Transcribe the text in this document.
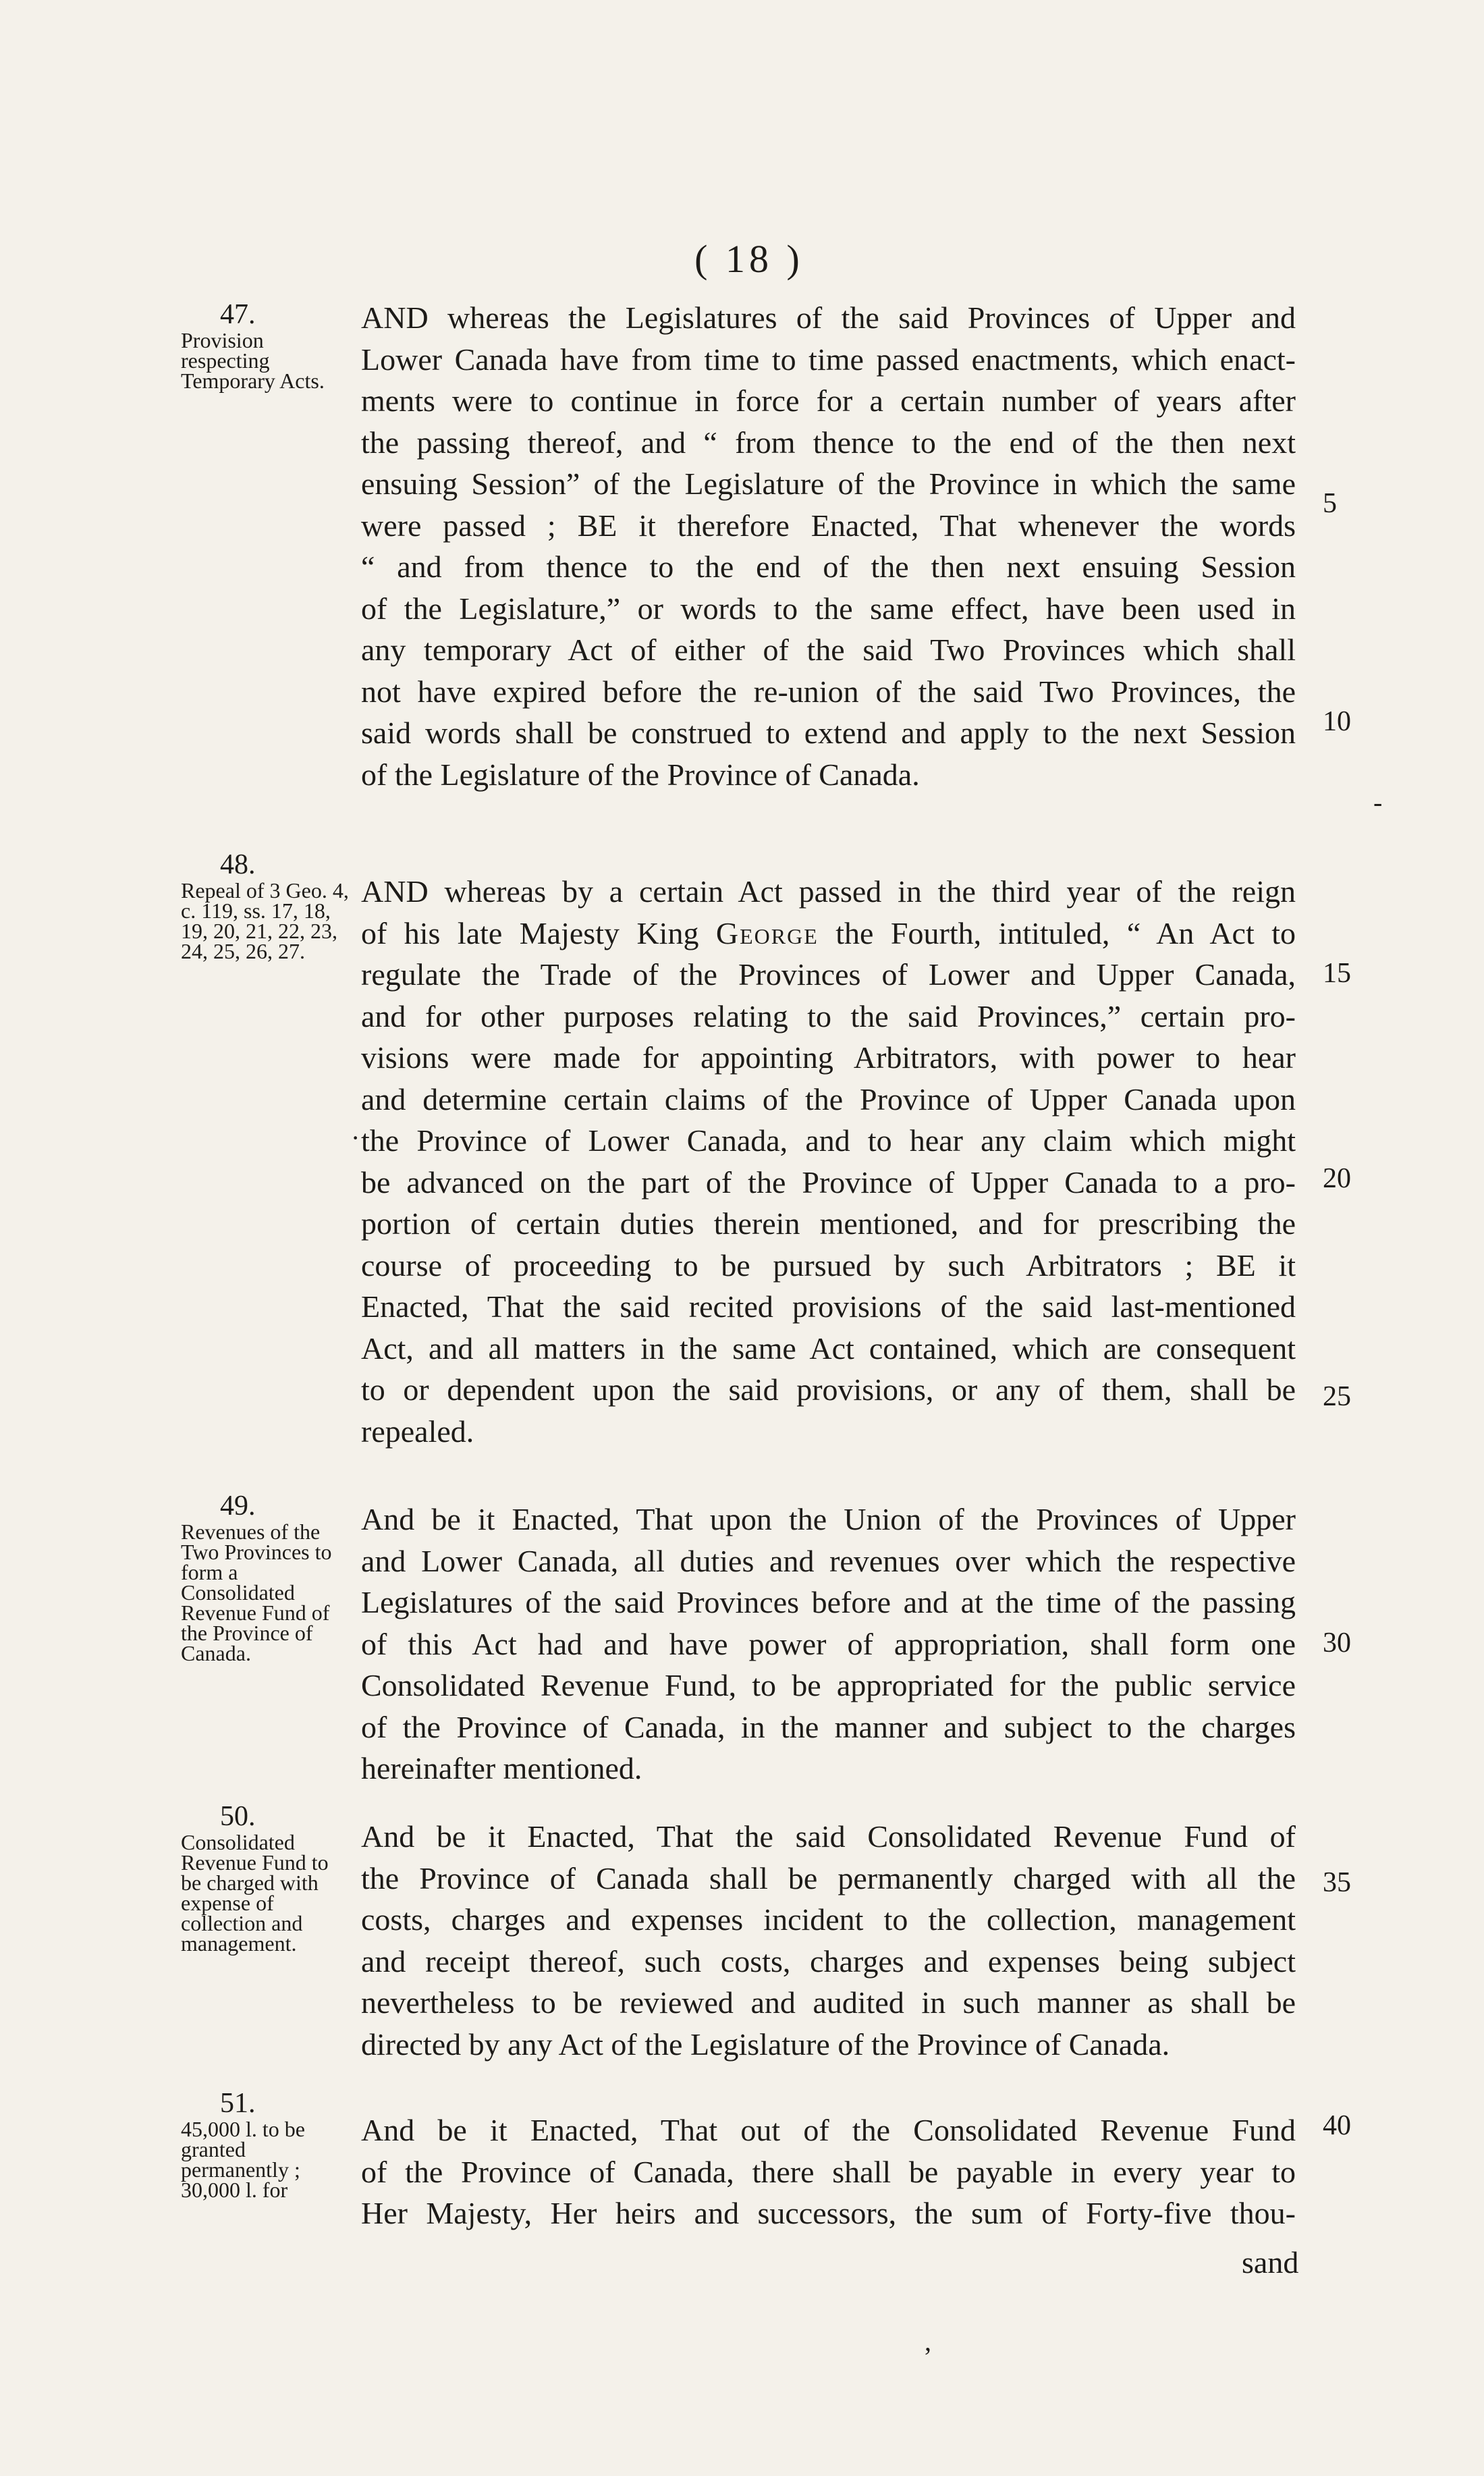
( 18 )
47.
Provision respecting Temporary Acts.
AND whereas the Legislatures of the said Provinces of Upper and
Lower Canada have from time to time passed enactments, which enact-
ments were to continue in force for a certain number of years after
the passing thereof, and “ from thence to the end of the then next
ensuing Session” of the Legislature of the Province in which the same
were passed ; BE it therefore Enacted, That whenever the words
“ and from thence to the end of the then next ensuing Session
of the Legislature,” or words to the same effect, have been used in
any temporary Act of either of the said Two Provinces which shall
not have expired before the re-union of the said Two Provinces, the
said words shall be construed to extend and apply to the next Session
of the Legislature of the Province of Canada.
48.
Repeal of 3 Geo. 4, c. 119, ss. 17, 18, 19, 20, 21, 22, 23, 24, 25, 26, 27.
AND whereas by a certain Act passed in the third year of the reign
of his late Majesty King George the Fourth, intituled, “ An Act to
regulate the Trade of the Provinces of Lower and Upper Canada,
and for other purposes relating to the said Provinces,” certain pro-
visions were made for appointing Arbitrators, with power to hear
and determine certain claims of the Province of Upper Canada upon
the Province of Lower Canada, and to hear any claim which might
be advanced on the part of the Province of Upper Canada to a pro-
portion of certain duties therein mentioned, and for prescribing the
course of proceeding to be pursued by such Arbitrators ; BE it
Enacted, That the said recited provisions of the said last-mentioned
Act, and all matters in the same Act contained, which are consequent
to or dependent upon the said provisions, or any of them, shall be
repealed.
49.
Revenues of the Two Provinces to form a Consolidated Revenue Fund of the Province of Canada.
And be it Enacted, That upon the Union of the Provinces of Upper
and Lower Canada, all duties and revenues over which the respective
Legislatures of the said Provinces before and at the time of the passing
of this Act had and have power of appropriation, shall form one
Consolidated Revenue Fund, to be appropriated for the public service
of the Province of Canada, in the manner and subject to the charges
hereinafter mentioned.
50.
Consolidated Revenue Fund to be charged with expense of collection and management.
And be it Enacted, That the said Consolidated Revenue Fund of
the Province of Canada shall be permanently charged with all the
costs, charges and expenses incident to the collection, management
and receipt thereof, such costs, charges and expenses being subject
nevertheless to be reviewed and audited in such manner as shall be
directed by any Act of the Legislature of the Province of Canada.
51.
45,000 l. to be granted permanently ; 30,000 l. for
And be it Enacted, That out of the Consolidated Revenue Fund
of the Province of Canada, there shall be payable in every year to
Her Majesty, Her heirs and successors, the sum of Forty-five thou-
sand
5
10
15
20
25
30
35
40
-
·
,
